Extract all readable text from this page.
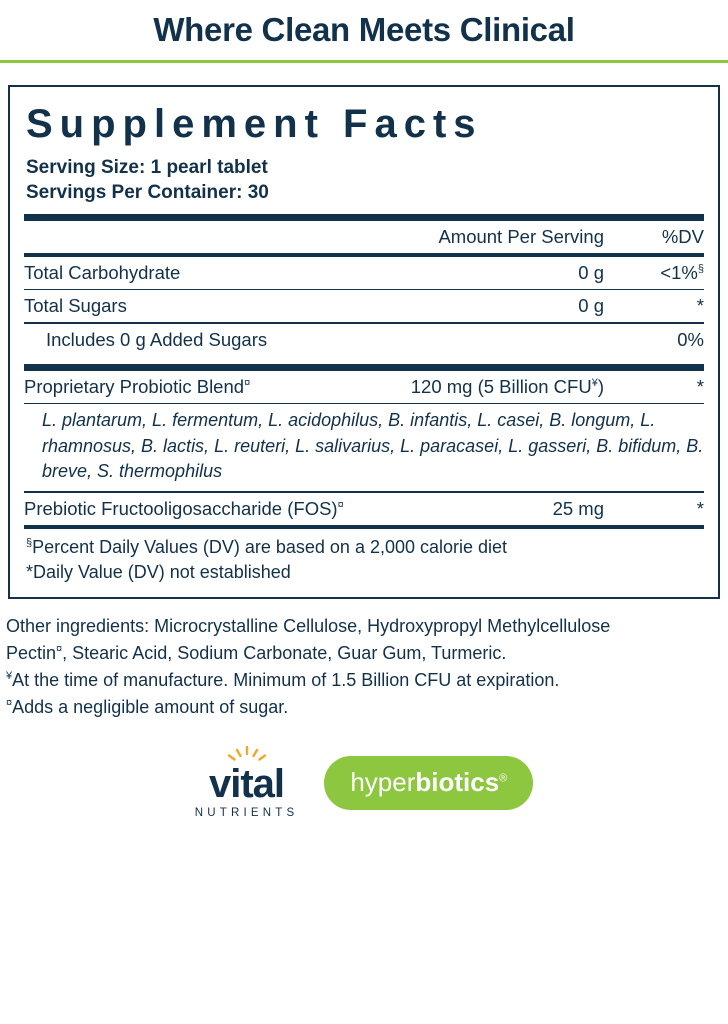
Where Clean Meets Clinical
Supplement Facts
Serving Size: 1 pearl tablet
Servings Per Container: 30
	Amount Per Serving	%DV
Total Carbohydrate	0 g	<1%§
Total Sugars	0 g	*
Includes 0 g Added Sugars		0%
Proprietary Probiotic Blend¤	120 mg (5 Billion CFU¥)	*
L. plantarum, L. fermentum, L. acidophilus, B. infantis, L. casei, B. longum, L. rhamnosus, B. lactis, L. reuteri, L. salivarius, L. paracasei, L. gasseri, B. bifidum, B. breve, S. thermophilus
Prebiotic Fructooligosaccharide (FOS)¤	25 mg	*
§Percent Daily Values (DV) are based on a 2,000 calorie diet
*Daily Value (DV) not established

Other ingredients: Microcrystalline Cellulose, Hydroxypropyl Methylcellulose

Pectin¤, Stearic Acid, Sodium Carbonate, Guar Gum, Turmeric.

¥At the time of manufacture. Minimum of 1.5 Billion CFU at expiration.

¤Adds a negligible amount of sugar.

vital
NUTRIENTS
hyperbiotics®
